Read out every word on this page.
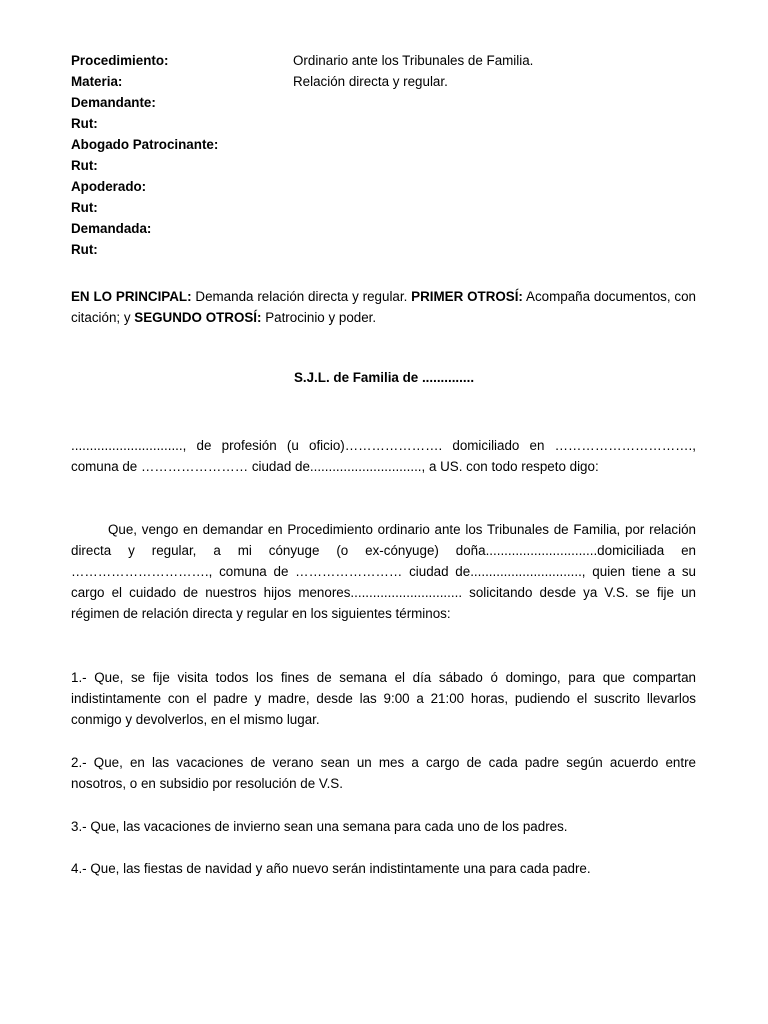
Procedimiento:	Ordinario ante los Tribunales de Familia.
Materia:	Relación directa y regular.
Demandante:
Rut:
Abogado Patrocinante:
Rut:
Apoderado:
Rut:
Demandada:
Rut:

EN LO PRINCIPAL: Demanda relación directa y regular. PRIMER OTROSÍ: Acompaña documentos, con citación; y SEGUNDO OTROSÍ: Patrocinio y poder.

S.J.L. de Familia de ..............

.............................., de profesión (u oficio)…………………. domiciliado en …………………………., comuna de …………………… ciudad de.............................., a US. con todo respeto digo:

Que, vengo en demandar en Procedimiento ordinario ante los Tribunales de Familia, por relación directa y regular, a mi cónyuge (o ex-cónyuge) doña..............................domiciliada en …………………………., comuna de …………………… ciudad de.............................., quien tiene a su cargo el cuidado de nuestros hijos menores.............................. solicitando desde ya V.S. se fije un régimen de relación directa y regular en los siguientes términos:

1.- Que, se fije visita todos los fines de semana el día sábado ó domingo, para que compartan indistintamente con el padre y madre, desde las 9:00 a 21:00 horas, pudiendo el suscrito llevarlos conmigo y devolverlos, en el mismo lugar.

2.- Que, en las vacaciones de verano sean un mes a cargo de cada padre según acuerdo entre nosotros, o en subsidio por resolución de V.S.

3.- Que, las vacaciones de invierno sean una semana para cada uno de los padres.

4.- Que, las fiestas de navidad y año nuevo serán indistintamente una para cada padre.
